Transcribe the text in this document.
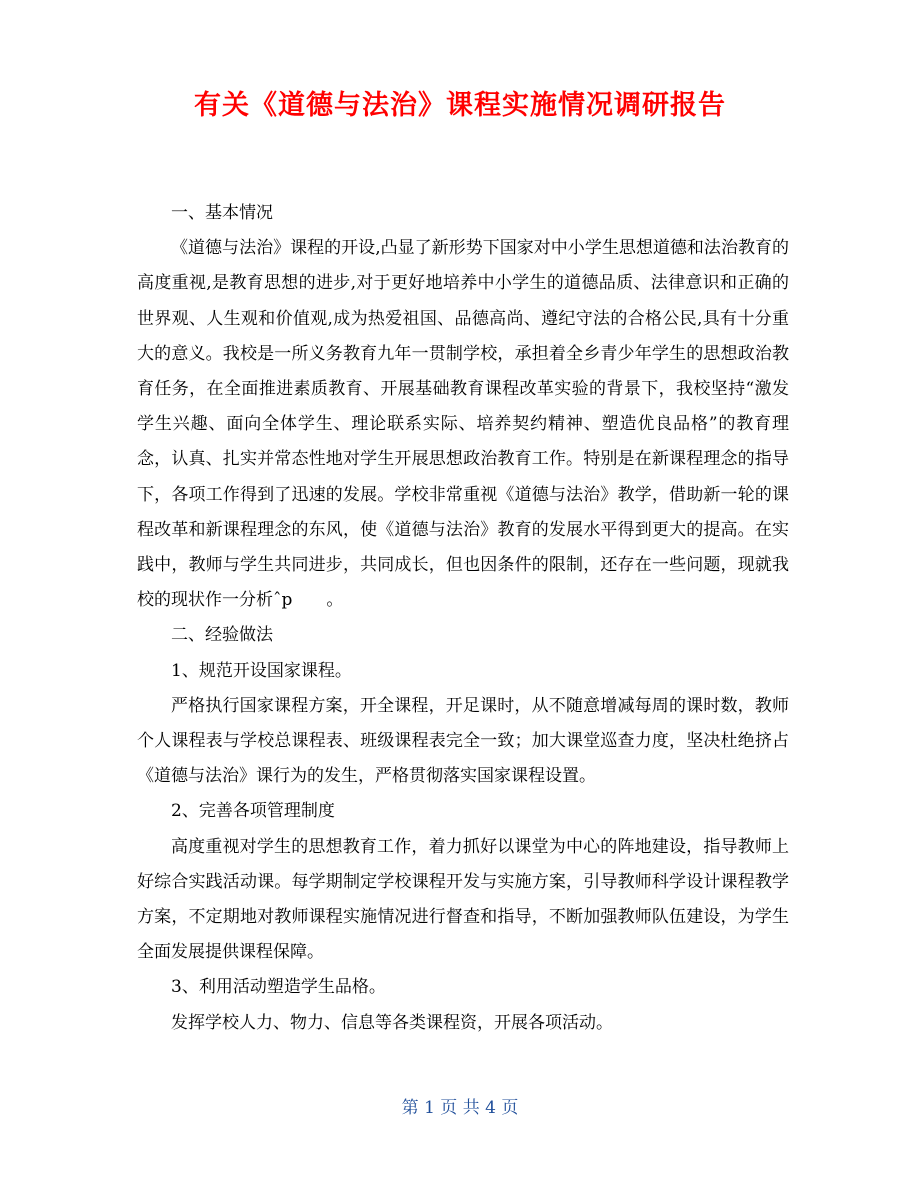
有关《道德与法治》课程实施情况调研报告

一、基本情况

《道德与法治》课程的开设,凸显了新形势下国家对中小学生思想道德和法治教育的高度重视,是教育思想的进步,对于更好地培养中小学生的道德品质、法律意识和正确的世界观、人生观和价值观,成为热爱祖国、品德高尚、遵纪守法的合格公民,具有十分重大的意义。我校是一所义务教育九年一贯制学校，承担着全乡青少年学生的思想政治教育任务，在全面推进素质教育、开展基础教育课程改革实验的背景下，我校坚持“激发学生兴趣、面向全体学生、理论联系实际、培养契约精神、塑造优良品格”的教育理念，认真、扎实并常态性地对学生开展思想政治教育工作。特别是在新课程理念的指导下，各项工作得到了迅速的发展。学校非常重视《道德与法治》教学，借助新一轮的课程改革和新课程理念的东风，使《道德与法治》教育的发展水平得到更大的提高。在实践中，教师与学生共同进步，共同成长，但也因条件的限制，还存在一些问题，现就我校的现状作一分析ˆp　　。

二、经验做法

1、规范开设国家课程。

严格执行国家课程方案，开全课程，开足课时，从不随意增减每周的课时数，教师个人课程表与学校总课程表、班级课程表完全一致；加大课堂巡查力度，坚决杜绝挤占《道德与法治》课行为的发生，严格贯彻落实国家课程设置。

2、完善各项管理制度

高度重视对学生的思想教育工作，着力抓好以课堂为中心的阵地建设，指导教师上好综合实践活动课。每学期制定学校课程开发与实施方案，引导教师科学设计课程教学方案，不定期地对教师课程实施情况进行督查和指导，不断加强教师队伍建设，为学生全面发展提供课程保障。

3、利用活动塑造学生品格。

发挥学校人力、物力、信息等各类课程资，开展各项活动。

第 1 页 共 4 页
